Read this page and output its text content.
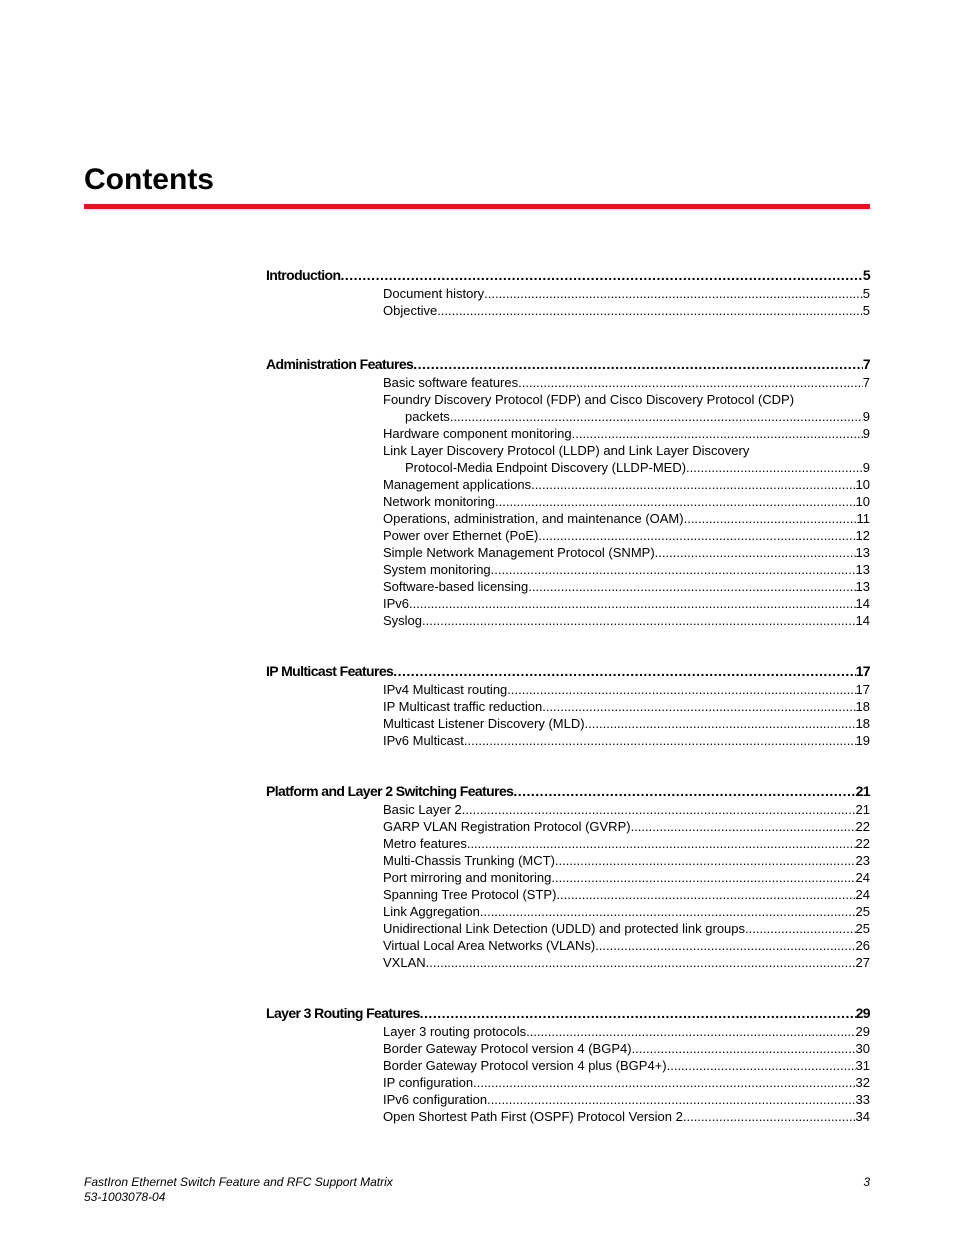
Contents
Introduction .....	5
Document history .....	5
Objective .....	5
Administration Features .....	7
Basic software features .....	7
Foundry Discovery Protocol (FDP) and Cisco Discovery Protocol (CDP)
packets .....	9
Hardware component monitoring .....	9
Link Layer Discovery Protocol (LLDP) and Link Layer Discovery
Protocol-Media Endpoint Discovery (LLDP-MED) .....	9
Management applications .....	10
Network monitoring .....	10
Operations, administration, and maintenance (OAM) .....	11
Power over Ethernet (PoE) .....	12
Simple Network Management Protocol (SNMP) .....	13
System monitoring .....	13
Software-based licensing .....	13
IPv6 .....	14
Syslog .....	14
IP Multicast Features .....	17
IPv4 Multicast routing .....	17
IP Multicast traffic reduction .....	18
Multicast Listener Discovery (MLD) .....	18
IPv6 Multicast .....	19
Platform and Layer 2 Switching Features .....	21
Basic Layer 2 .....	21
GARP VLAN Registration Protocol (GVRP) .....	22
Metro features .....	22
Multi-Chassis Trunking (MCT) .....	23
Port mirroring and monitoring .....	24
Spanning Tree Protocol (STP) .....	24
Link Aggregation .....	25
Unidirectional Link Detection (UDLD) and protected link groups .....	25
Virtual Local Area Networks (VLANs) .....	26
VXLAN .....	27
Layer 3 Routing Features .....	29
Layer 3 routing protocols .....	29
Border Gateway Protocol version 4 (BGP4) .....	30
Border Gateway Protocol version 4 plus (BGP4+) .....	31
IP configuration .....	32
IPv6 configuration .....	33
Open Shortest Path First (OSPF) Protocol Version 2 .....	34
FastIron Ethernet Switch Feature and RFC Support Matrix
53-1003078-04
3
